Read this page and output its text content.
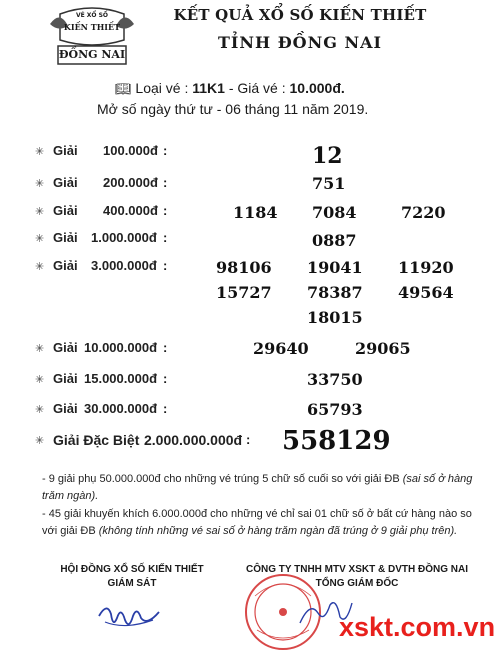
VÉ XỔ SỐ
KIẾN THIẾT
ĐỒNG NAI
KẾT QUẢ XỔ SỐ KIẾN THIẾT
TỈNH ĐỒNG NAI
📖︎ Loại vé : 11K1 - Giá vé : 10.000đ.
Mở số ngày thứ tư - 06 tháng 11 năm 2019.
✳ Giải 100.000đ :	12
✳ Giải 200.000đ :	751
✳ Giải 400.000đ :	1184 7084	7220
✳ Giải 1.000.000đ :	0887
✳ Giải 3.000.000đ :	98106 19041 11920
15727 78387 49564
18015
✳ Giải 10.000.000đ :	29640	29065
✳ Giải 15.000.000đ :	33750
✳ Giải 30.000.000đ :	65793
✳ Giải Đặc Biệt 2.000.000.000đ : 558129
- 9 giải phụ 50.000.000đ cho những vé trúng 5 chữ số cuối so với giải ĐB (sai số ở hàng trăm ngàn).
- 45 giải khuyến khích 6.000.000đ cho những vé chỉ sai 01 chữ số ở bất cứ hàng nào so với giải ĐB (không tính những vé sai số ở hàng trăm ngàn đã trúng ở 9 giải phụ trên).
HỘI ĐỒNG XỔ SỐ KIẾN THIẾT
GIÁM SÁT
CÔNG TY TNHH MTV XSKT & DVTH ĐỒNG NAI
TỔNG GIÁM ĐỐC
xskt.com.vn
